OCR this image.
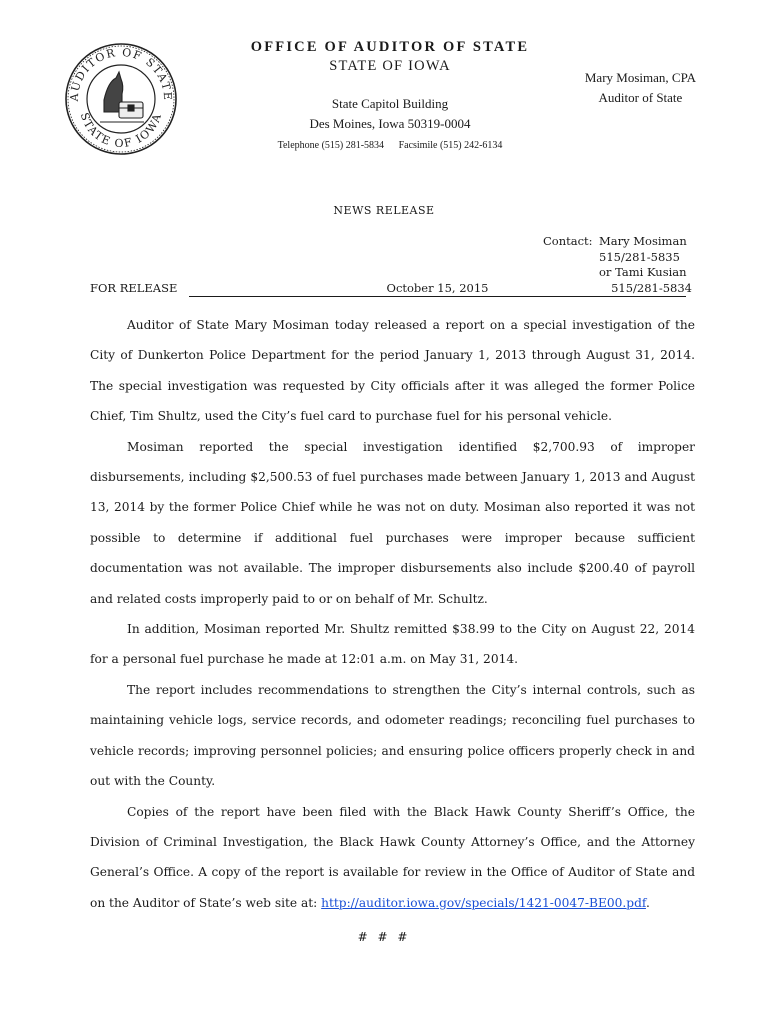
AUDITOR OF STATE
STATE OF IOWA
OFFICE OF AUDITOR OF STATE
STATE OF IOWA
State Capitol Building
Des Moines, Iowa 50319-0004
Telephone (515) 281-5834 Facsimile (515) 242-6134
Mary Mosiman, CPA
Auditor of State
NEWS RELEASE
Contact: Mary Mosiman
515/281-5835
or Tami Kusian
FOR RELEASE	October 15, 2015	515/281-5834

Auditor of State Mary Mosiman today released a report on a special investigation of the City of Dunkerton Police Department for the period January 1, 2013 through August 31, 2014. The special investigation was requested by City officials after it was alleged the former Police Chief, Tim Shultz, used the City’s fuel card to purchase fuel for his personal vehicle.

Mosiman reported the special investigation identified $2,700.93 of improper disbursements, including $2,500.53 of fuel purchases made between January 1, 2013 and August 13, 2014 by the former Police Chief while he was not on duty. Mosiman also reported it was not possible to determine if additional fuel purchases were improper because sufficient documentation was not available. The improper disbursements also include $200.40 of payroll and related costs improperly paid to or on behalf of Mr. Schultz.

In addition, Mosiman reported Mr. Shultz remitted $38.99 to the City on August 22, 2014 for a personal fuel purchase he made at 12:01 a.m. on May 31, 2014.

The report includes recommendations to strengthen the City’s internal controls, such as maintaining vehicle logs, service records, and odometer readings; reconciling fuel purchases to vehicle records; improving personnel policies; and ensuring police officers properly check in and out with the County.

Copies of the report have been filed with the Black Hawk County Sheriff’s Office, the Division of Criminal Investigation, the Black Hawk County Attorney’s Office, and the Attorney General’s Office. A copy of the report is available for review in the Office of Auditor of State and on the Auditor of State’s web site at: http://auditor.iowa.gov/specials/1421-0047-BE00.pdf.

# # #
